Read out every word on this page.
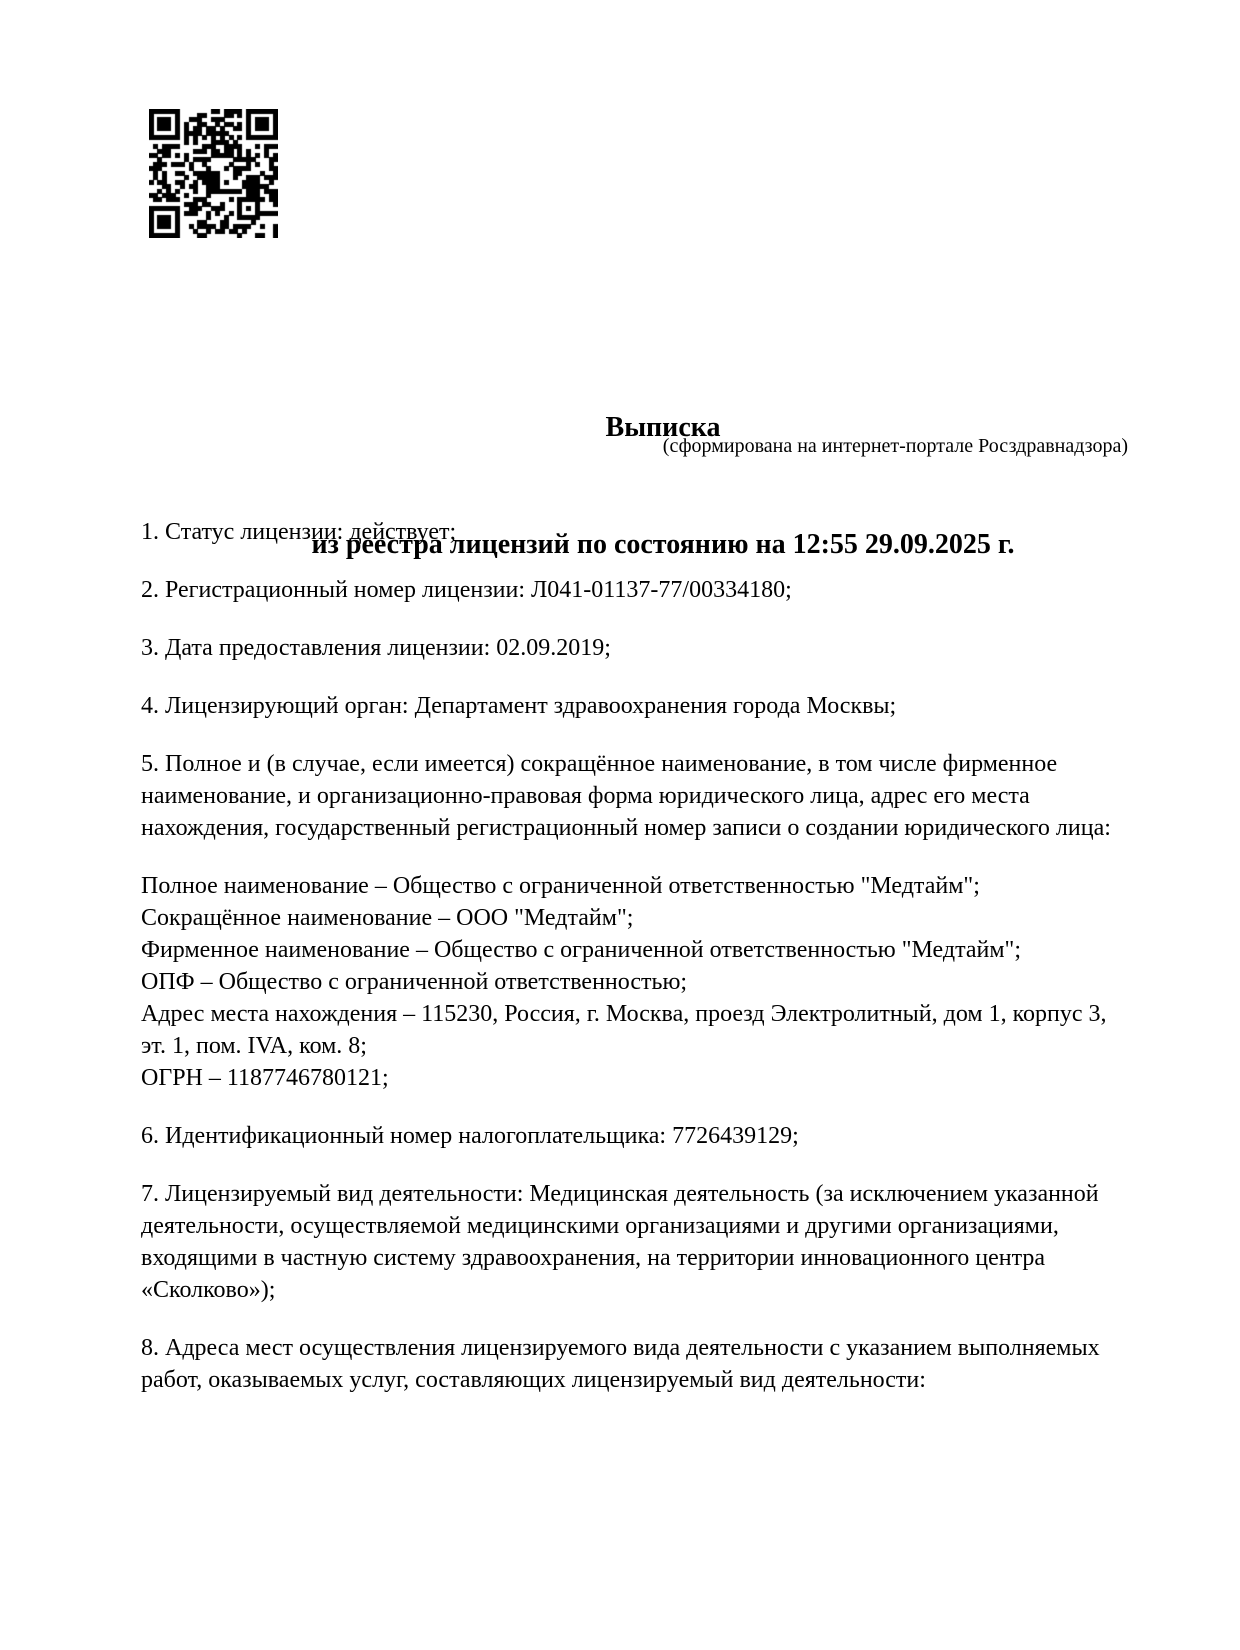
Выписка

из реестра лицензий по состоянию на 12:55 29.09.2025 г.

(сформирована на интернет-портале Росздравнадзора)
1. Статус лицензии: действует;
2. Регистрационный номер лицензии: Л041-01137-77/00334180;
3. Дата предоставления лицензии: 02.09.2019;
4. Лицензирующий орган: Департамент здравоохранения города Москвы;
5. Полное и (в случае, если имеется) сокращённое наименование, в том числе фирменное
наименование, и организационно-правовая форма юридического лица, адрес его места
нахождения, государственный регистрационный номер записи о создании юридического лица:
Полное наименование – Общество с ограниченной ответственностью "Медтайм";
Сокращённое наименование – ООО "Медтайм";
Фирменное наименование – Общество с ограниченной ответственностью "Медтайм";
ОПФ – Общество с ограниченной ответственностью;
Адрес места нахождения – 115230, Россия, г. Москва, проезд Электролитный, дом 1, корпус 3,
эт. 1, пом. IVA, ком. 8;
ОГРН – 1187746780121;
6. Идентификационный номер налогоплательщика: 7726439129;
7. Лицензируемый вид деятельности: Медицинская деятельность (за исключением указанной
деятельности, осуществляемой медицинскими организациями и другими организациями,
входящими в частную систему здравоохранения, на территории инновационного центра
«Сколково»);
8. Адреса мест осуществления лицензируемого вида деятельности с указанием выполняемых
работ, оказываемых услуг, составляющих лицензируемый вид деятельности:
